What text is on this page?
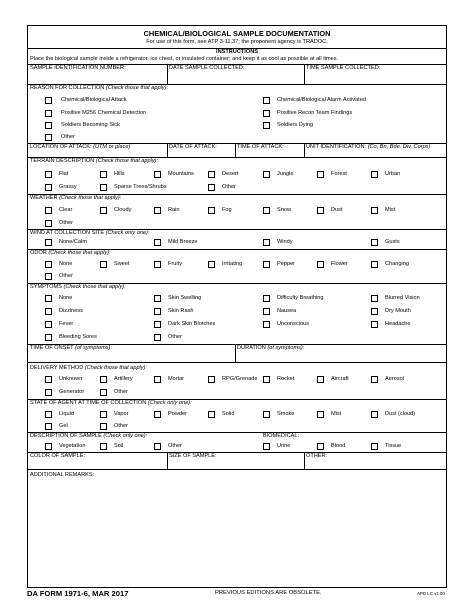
CHEMICAL/BIOLOGICAL SAMPLE DOCUMENTATION
For use of this form, see ATP 3-11.37; the proponent agency is TRADOC.
INSTRUCTIONS
Place the biological sample inside a refrigerator, ice chest, or insulated container; and keep it as cool as possible at all times.
SAMPLE IDENTIFICATION NUMBER:	DATE SAMPLE COLLECTED:	TIME SAMPLE COLLECTED:
REASON FOR COLLECTION (Check those that apply):
Chemical/Biological Attack	Chemical/Biological Alarm Activated
Positive M256 Chemical Detection	Positive Recon Team Findings
Soldiers Becoming Sick	Soldiers Dying
Other
LOCATION OF ATTACK: (UTM or place)	DATE OF ATTACK:	TIME OF ATTACK:	UNIT IDENTIFICATION: (Co, Bn, Bde, Div, Corps)
TERRAIN DESCRIPTION (Check those that apply):
Flat	Hills	Mountains	Desert	Jungle	Forest	Urban
Grassy	Sparse Trees/Shrubs	Other
WEATHER (Check those that apply):
Clear	Cloudy	Rain	Fog	Snow	Dust	Mist
Other
WIND AT COLLECTION SITE (Check only one):
None/Calm	Mild Breeze	Windy	Gusts
ODOR (Check those that apply):
None	Sweet	Fruity	Irritating	Pepper	Flower	Changing
Other
SYMPTOMS (Check those that apply):
None	Skin Swelling	Difficulty Breathing	Blurred Vision
Dizziness	Skin Rash	Nausea	Dry Mouth
Fever	Dark Skin Blotches	Unconscious	Headache
Bleeding Sores	Other
TIME OF ONSET (of symptoms):	DURATION (of symptoms):
DELIVERY METHOD (Check those that apply):
Unknown	Artillery	Mortar	RPG/Grenade	Rocket	Aircraft	Aerosol
Generator	Other
STATE OF AGENT AT TIME OF COLLECTION (Check only one):
Liquid	Vapor	Powder	Solid	Smoke	Mist	Dust (cloud)
Gel	Other
DESCRIPTION OF SAMPLE (Check only one):	BIOMEDICAL:
Vegetation	Soil	Other	Urine	Blood	Tissue
COLOR OF SAMPLE:	SIZE OF SAMPLE:	OTHER:
ADDITIONAL REMARKS:
DA FORM 1971-6, MAR 2017	PREVIOUS EDITIONS ARE OBSOLETE.	APD LC v1.00
